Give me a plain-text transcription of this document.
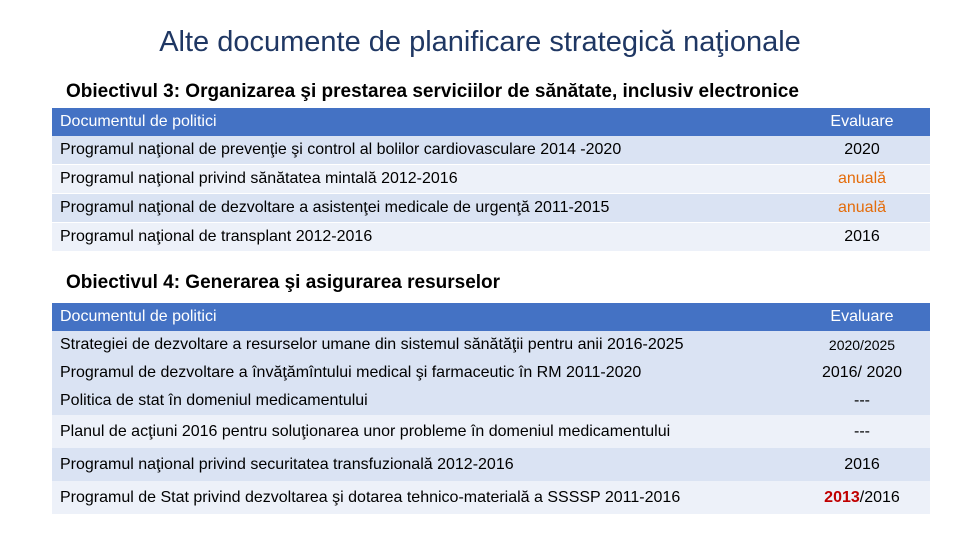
Alte documente de planificare strategică naţionale
Obiectivul 3: Organizarea şi prestarea serviciilor de sănătate, inclusiv electronice
Documentul de politici	Evaluare
Programul naţional de prevenţie şi control al bolilor cardiovasculare 2014 -2020	2020
Programul naţional privind sănătatea mintală 2012-2016	anuală
Programul naţional de dezvoltare a asistenţei medicale de urgenţă 2011-2015	anuală
Programul naţional de transplant 2012-2016	2016
Obiectivul 4: Generarea şi asigurarea resurselor
Documentul de politici	Evaluare
Strategiei de dezvoltare a resurselor umane din sistemul sănătăţii pentru anii 2016-2025	2020/2025
Programul de dezvoltare a învăţămîntului medical şi farmaceutic în RM 2011-2020	2016/ 2020
Politica de stat în domeniul medicamentului	---
Planul de acţiuni 2016 pentru soluţionarea unor probleme în domeniul medicamentului	---
Programul naţional privind securitatea transfuzională 2012-2016	2016
Programul de Stat privind dezvoltarea şi dotarea tehnico-materială a SSSSP 2011-2016	2013/2016
